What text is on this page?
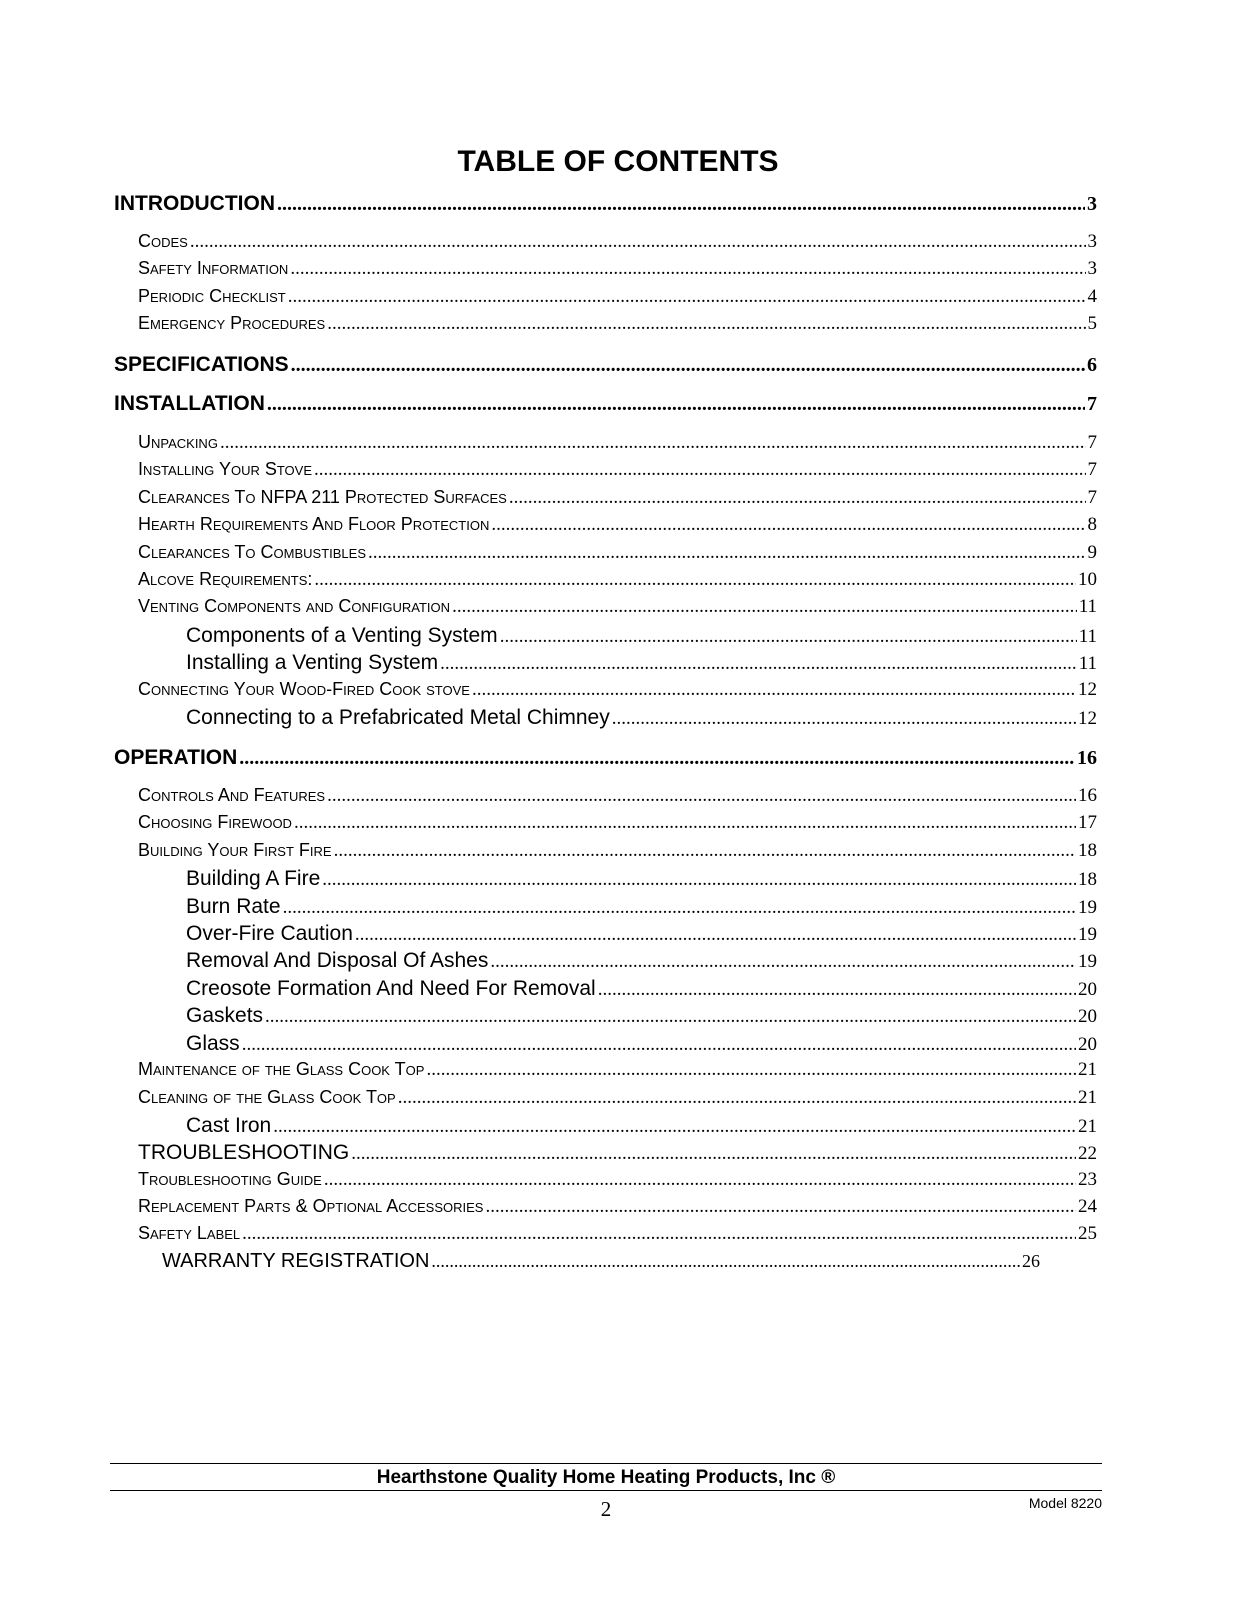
TABLE OF CONTENTS
INTRODUCTION .....	3
Codes .....	3
Safety Information .....	3
Periodic Checklist .....	4
Emergency Procedures .....	5
SPECIFICATIONS .....	6
INSTALLATION .....	7
Unpacking .....	7
Installing Your Stove .....	7
Clearances To NFPA 211 Protected Surfaces .....	7
Hearth Requirements And Floor Protection .....	8
Clearances To Combustibles .....	9
Alcove Requirements: .....	10
Venting Components and Configuration .....	11
Components of a Venting System .....	11
Installing a Venting System .....	11
Connecting Your Wood-Fired Cook stove .....	12
Connecting to a Prefabricated Metal Chimney .....	12
OPERATION .....	16
Controls And Features .....	16
Choosing Firewood .....	17
Building Your First Fire .....	18
Building A Fire .....	18
Burn Rate .....	19
Over-Fire Caution .....	19
Removal And Disposal Of Ashes .....	19
Creosote Formation And Need For Removal .....	20
Gaskets .....	20
Glass .....	20
Maintenance of the Glass Cook Top .....	21
Cleaning of the Glass Cook Top .....	21
Cast Iron .....	21
TROUBLESHOOTING .....	22
Troubleshooting Guide .....	23
Replacement Parts & Optional Accessories .....	24
Safety Label .....	25
WARRANTY REGISTRATION .....	26
Hearthstone Quality Home Heating Products, Inc ®
2	Model 8220
